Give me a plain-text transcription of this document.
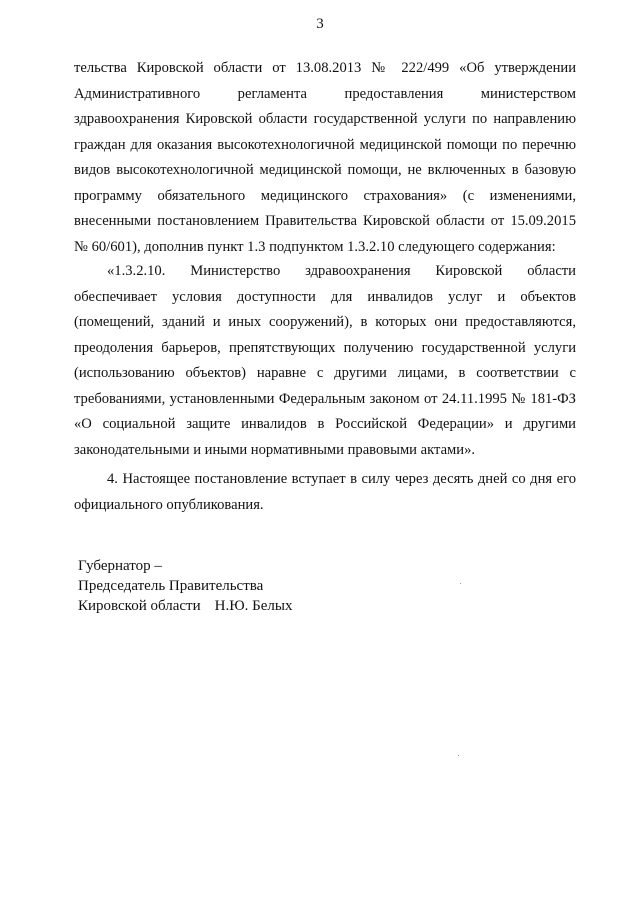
3

тельства Кировской области от 13.08.2013 № 222/499 «Об утверждении Административного регламента предоставления министерством здравоохранения Кировской области государственной услуги по направлению граждан для оказания высокотехнологичной медицинской помощи по перечню видов высокотехнологичной медицинской помощи, не включенных в базовую программу обязательного медицинского страхования» (с изменениями, внесенными постановлением Правительства Кировской области от 15.09.2015 № 60/601), дополнив пункт 1.3 подпунктом 1.3.2.10 следующего содержания:

«1.3.2.10. Министерство здравоохранения Кировской области обеспечивает условия доступности для инвалидов услуг и объектов (помещений, зданий и иных сооружений), в которых они предоставляются, преодоления барьеров, препятствующих получению государственной услуги (использованию объектов) наравне с другими лицами, в соответствии с требованиями, установленными Федеральным законом от 24.11.1995 № 181-ФЗ «О социальной защите инвалидов в Российской Федерации» и другими законодательными и иными нормативными правовыми актами».

4. Настоящее постановление вступает в силу через десять дней со дня его официального опубликования.

Губернатор –
Председатель Правительства
Кировской области Н.Ю. Белых
